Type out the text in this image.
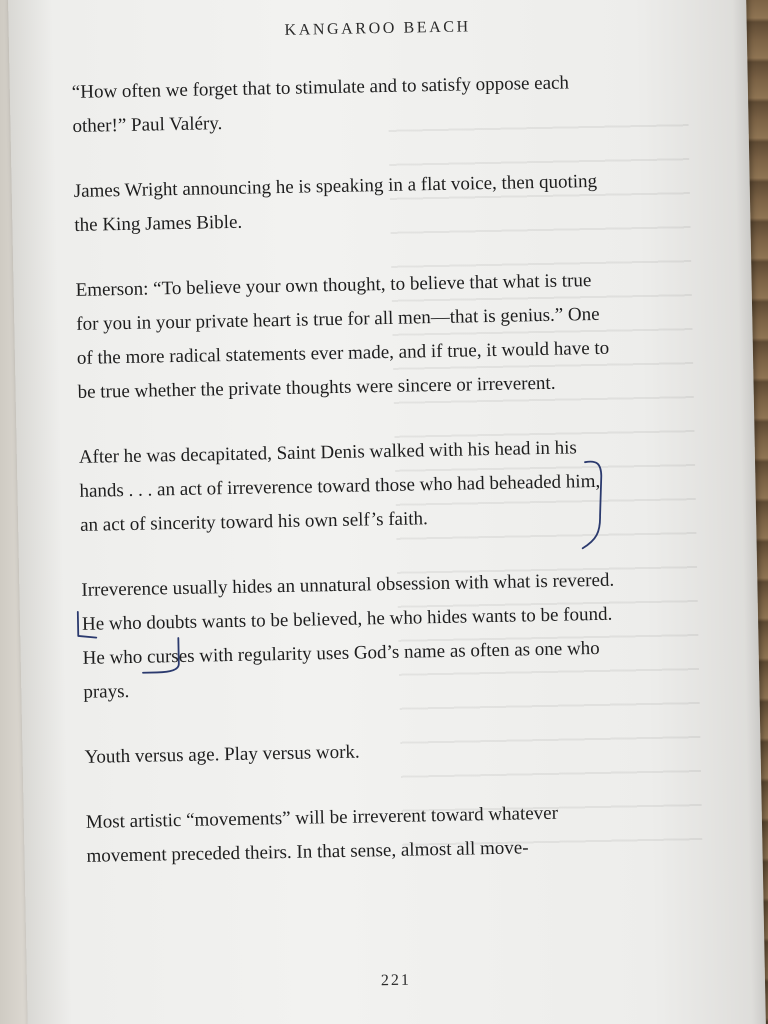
KANGAROO BEACH

“How often we forget that to stimulate and to satisfy oppose each other!” Paul Valéry.

James Wright announcing he is speaking in a flat voice, then quoting the King James Bible.

Emerson: “To believe your own thought, to believe that what is true for you in your private heart is true for all men—that is genius.” One of the more radical statements ever made, and if true, it would have to be true whether the private thoughts were sincere or irreverent.

After he was decapitated, Saint Denis walked with his head in his hands . . . an act of irreverence toward those who had beheaded him, an act of sincerity toward his own self’s faith.

Irreverence usually hides an unnatural obsession with what is revered. He who doubts wants to be believed, he who hides wants to be found. He who curses with regularity uses God’s name as often as one who prays.

Youth versus age. Play versus work.

Most artistic “movements” will be irreverent toward whatever movement preceded theirs. In that sense, almost all move-

221
